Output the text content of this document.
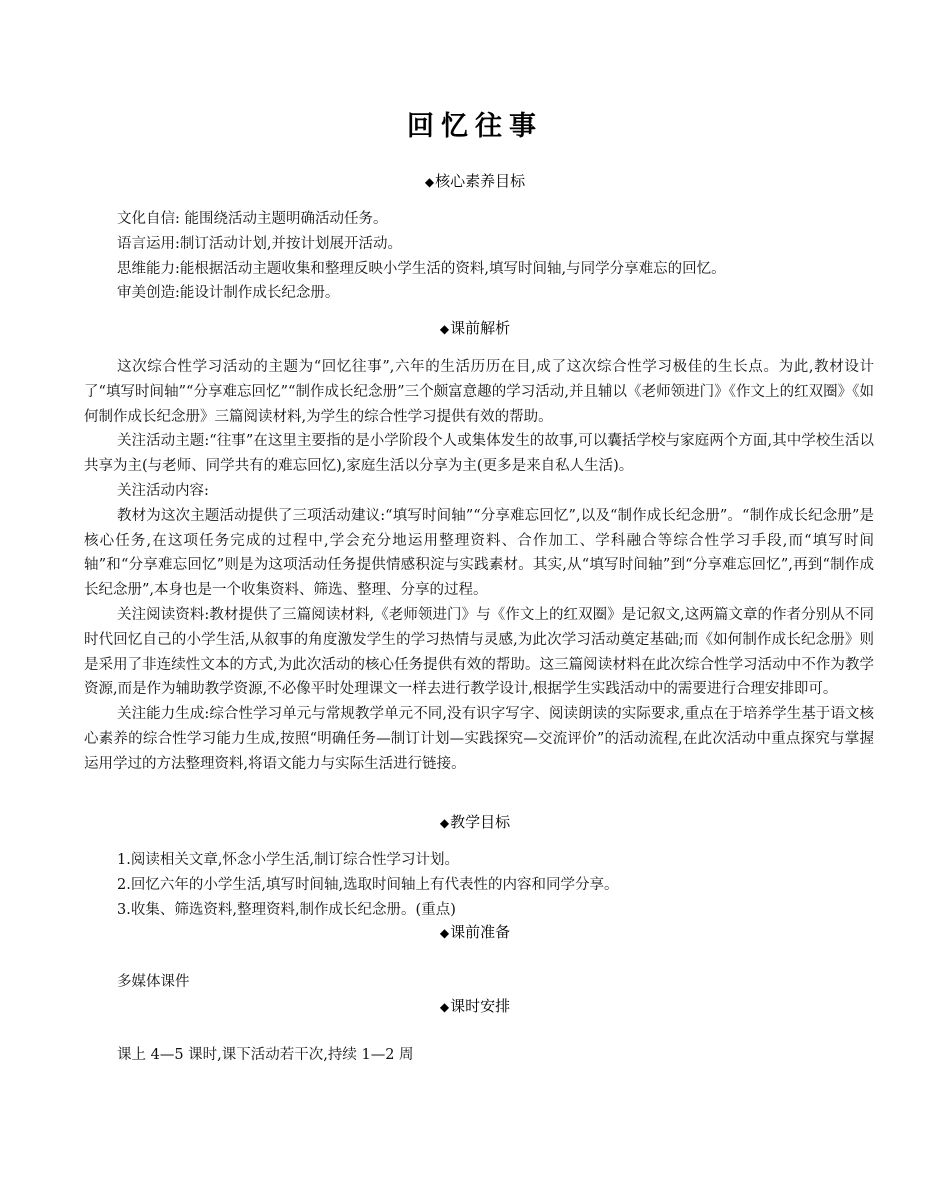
回忆往事
◆核心素养目标

文化自信: 能围绕活动主题明确活动任务。

语言运用:制订活动计划,并按计划展开活动。

思维能力:能根据活动主题收集和整理反映小学生活的资料,填写时间轴,与同学分享难忘的回忆。

审美创造:能设计制作成长纪念册。

◆课前解析

这次综合性学习活动的主题为“回忆往事”,六年的生活历历在目,成了这次综合性学习极佳的生长点。为此,教材设计了“填写时间轴”“分享难忘回忆”“制作成长纪念册”三个颇富意趣的学习活动,并且辅以《老师领进门》《作文上的红双圈》《如何制作成长纪念册》三篇阅读材料,为学生的综合性学习提供有效的帮助。

关注活动主题:“往事”在这里主要指的是小学阶段个人或集体发生的故事,可以囊括学校与家庭两个方面,其中学校生活以共享为主(与老师、同学共有的难忘回忆),家庭生活以分享为主(更多是来自私人生活)。

关注活动内容:

教材为这次主题活动提供了三项活动建议:“填写时间轴”“分享难忘回忆”,以及“制作成长纪念册”。“制作成长纪念册”是核心任务,在这项任务完成的过程中,学会充分地运用整理资料、合作加工、学科融合等综合性学习手段,而“填写时间轴”和“分享难忘回忆”则是为这项活动任务提供情感积淀与实践素材。其实,从“填写时间轴”到“分享难忘回忆”,再到“制作成长纪念册”,本身也是一个收集资料、筛选、整理、分享的过程。

关注阅读资料:教材提供了三篇阅读材料,《老师领进门》与《作文上的红双圈》是记叙文,这两篇文章的作者分别从不同时代回忆自己的小学生活,从叙事的角度激发学生的学习热情与灵感,为此次学习活动奠定基础;而《如何制作成长纪念册》则是采用了非连续性文本的方式,为此次活动的核心任务提供有效的帮助。这三篇阅读材料在此次综合性学习活动中不作为教学资源,而是作为辅助教学资源,不必像平时处理课文一样去进行教学设计,根据学生实践活动中的需要进行合理安排即可。

关注能力生成:综合性学习单元与常规教学单元不同,没有识字写字、阅读朗读的实际要求,重点在于培养学生基于语文核心素养的综合性学习能力生成,按照“明确任务—制订计划—实践探究—交流评价”的活动流程,在此次活动中重点探究与掌握运用学过的方法整理资料,将语文能力与实际生活进行链接。

◆教学目标

1.阅读相关文章,怀念小学生活,制订综合性学习计划。

2.回忆六年的小学生活,填写时间轴,选取时间轴上有代表性的内容和同学分享。

3.收集、筛选资料,整理资料,制作成长纪念册。(重点)

◆课前准备

多媒体课件

◆课时安排

课上 4—5 课时,课下活动若干次,持续 1—2 周
